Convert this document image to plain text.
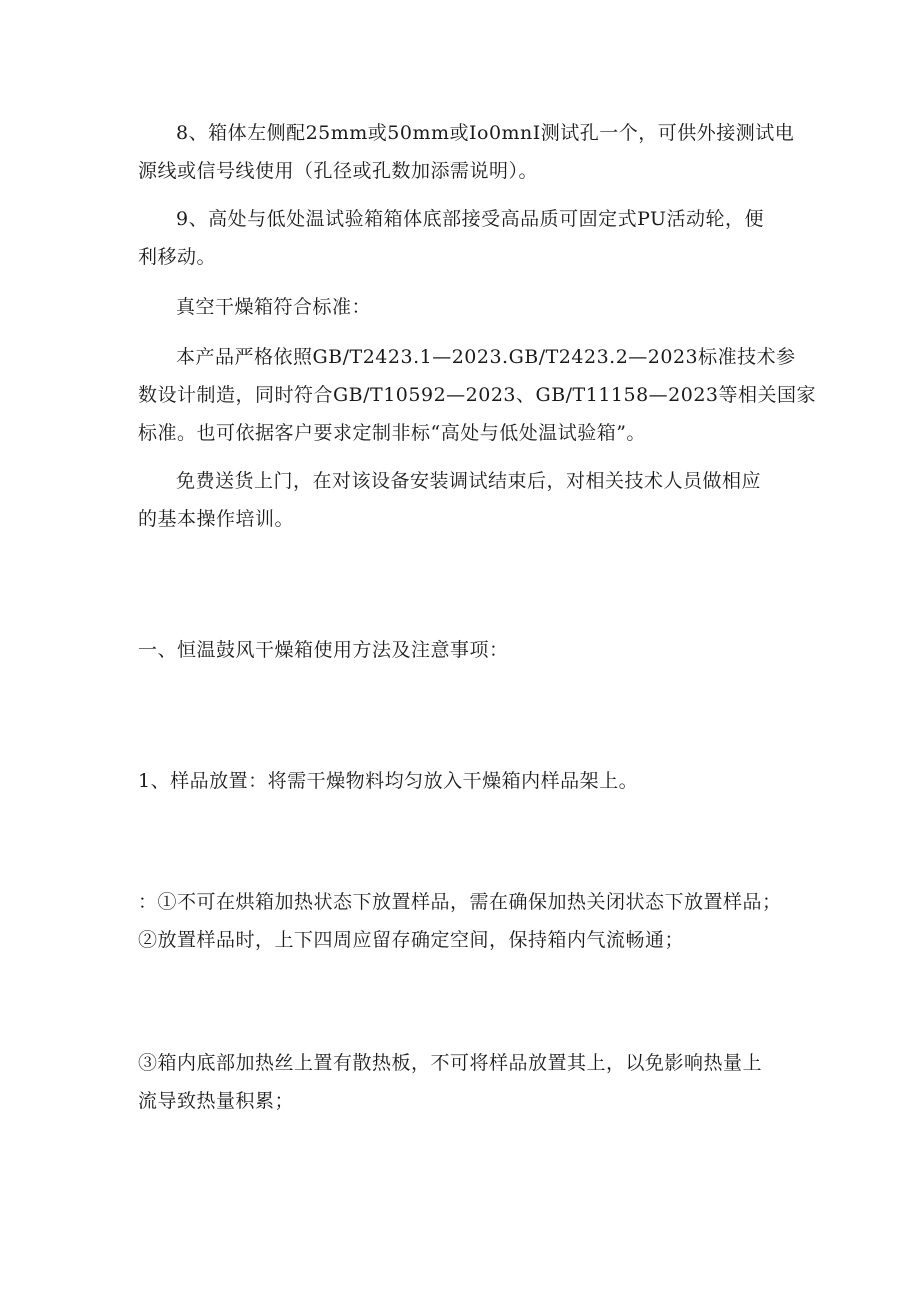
8、箱体左侧配25mm或50mm或Io0mnI测试孔一个，可供外接测试电
源线或信号线使用（孔径或孔数加添需说明）。
9、高处与低处温试验箱箱体底部接受高品质可固定式PU活动轮，便
利移动。
真空干燥箱符合标准：
本产品严格依照GB/T2423.1—2023.GB/T2423.2—2023标准技术参
数设计制造，同时符合GB/T10592—2023、GB/T11158—2023等相关国家
标准。也可依据客户要求定制非标“高处与低处温试验箱”。
免费送货上门，在对该设备安装调试结束后，对相关技术人员做相应
的基本操作培训。
一、恒温鼓风干燥箱使用方法及注意事项：
1、样品放置：将需干燥物料均匀放入干燥箱内样品架上。
：①不可在烘箱加热状态下放置样品，需在确保加热关闭状态下放置样品；
②放置样品时，上下四周应留存确定空间，保持箱内气流畅通；
③箱内底部加热丝上置有散热板，不可将样品放置其上，以免影响热量上
流导致热量积累；
